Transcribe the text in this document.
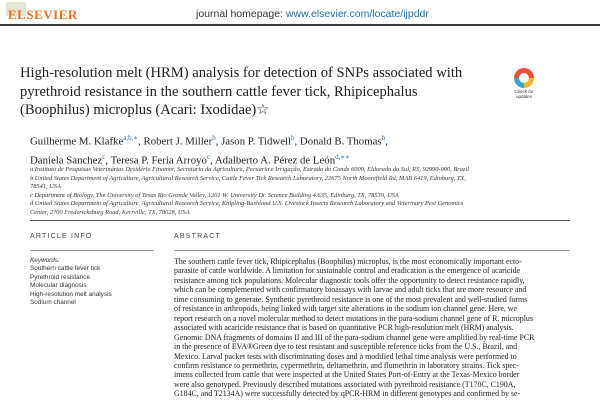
ELSEVIER	journal homepage: www.elsevier.com/locate/ijpddr
High-resolution melt (HRM) analysis for detection of SNPs associated with
pyrethroid resistance in the southern cattle fever tick, Rhipicephalus
(Boophilus) microplus (Acari: Ixodidae)☆
Check for
updates
Guilherme M. Klafke$^{a,b,∗}$, Robert J. Miller$^b$, Jason P. Tidwell$^b$, Donald B. Thomas$^b$,
Daniela Sanchez$^c$, Teresa P. Feria Arroyo$^c$, Adalberto A. Pérez de León$^{d,∗∗}$
a Instituto de Pesquisas Veterinárias Desidério Finamor, Secretaria da Agricultura, Pecuária e Irrigação, Estrada do Conde 6000, Eldorado do Sul, RS, 92990-000, Brazil
b United States Department of Agriculture, Agricultural Research Service, Cattle Fever Tick Research Laboratory, 22675 North Moorefield Rd, MAB 6419, Edinburg, TX,
78541, USA
c Department of Biology, The University of Texas Rio Grande Valley, 1201 W. University Dr. Science Building 4.635, Edinburg, TX, 78539, USA
d United States Department of Agriculture, Agricultural Research Service, Knipling-Bushland U.S. Livestock Insects Research Laboratory and Veterinary Pest Genomics
Center, 2700 Fredericksburg Road, Kerrville, TX, 78028, USA
ARTICLE INFO	ABSTRACT
Keywords:
Southern cattle fever tick
Pyrethroid resistance
Molecular diagnosis
High-resolution melt analysis
Sodium channel
The southern cattle fever tick, Rhipicephalus (Boophilus) microplus, is the most economically important ecto-
parasite of cattle worldwide. A limitation for sustainable control and eradication is the emergence of acaricide
resistance among tick populations. Molecular diagnostic tools offer the opportunity to detect resistance rapidly,
which can be complemented with confirmatory bioassays with larvae and adult ticks that are more resource and
time consuming to generate. Synthetic pyrethroid resistance is one of the most prevalent and well-studied forms
of resistance in arthropods, being linked with target site alterations in the sodium ion channel gene. Here, we
report research on a novel molecular method to detect mutations in the para-sodium channel gene of R. microplus
associated with acaricide resistance that is based on quantitative PCR high-resolution melt (HRM) analysis.
Genomic DNA fragments of domains II and III of the para-sodium channel gene were amplified by real-time PCR
in the presence of EVA®Green dye to test resistant and susceptible reference ticks from the U.S., Brazil, and
Mexico. Larval packet tests with discriminating doses and a modified lethal time analysis were performed to
confirm resistance to permethrin, cypermethrin, deltamethrin, and flumethrin in laboratory strains. Tick spec-
imens collected from cattle that were inspected at the United States Port-of-Entry at the Texas-Mexico border
were also genotyped. Previously described mutations associated with pyrethroid resistance (T170C, C190A,
G184C, and T2134A) were successfully detected by qPCR-HRM in different genotypes and confirmed by se-
